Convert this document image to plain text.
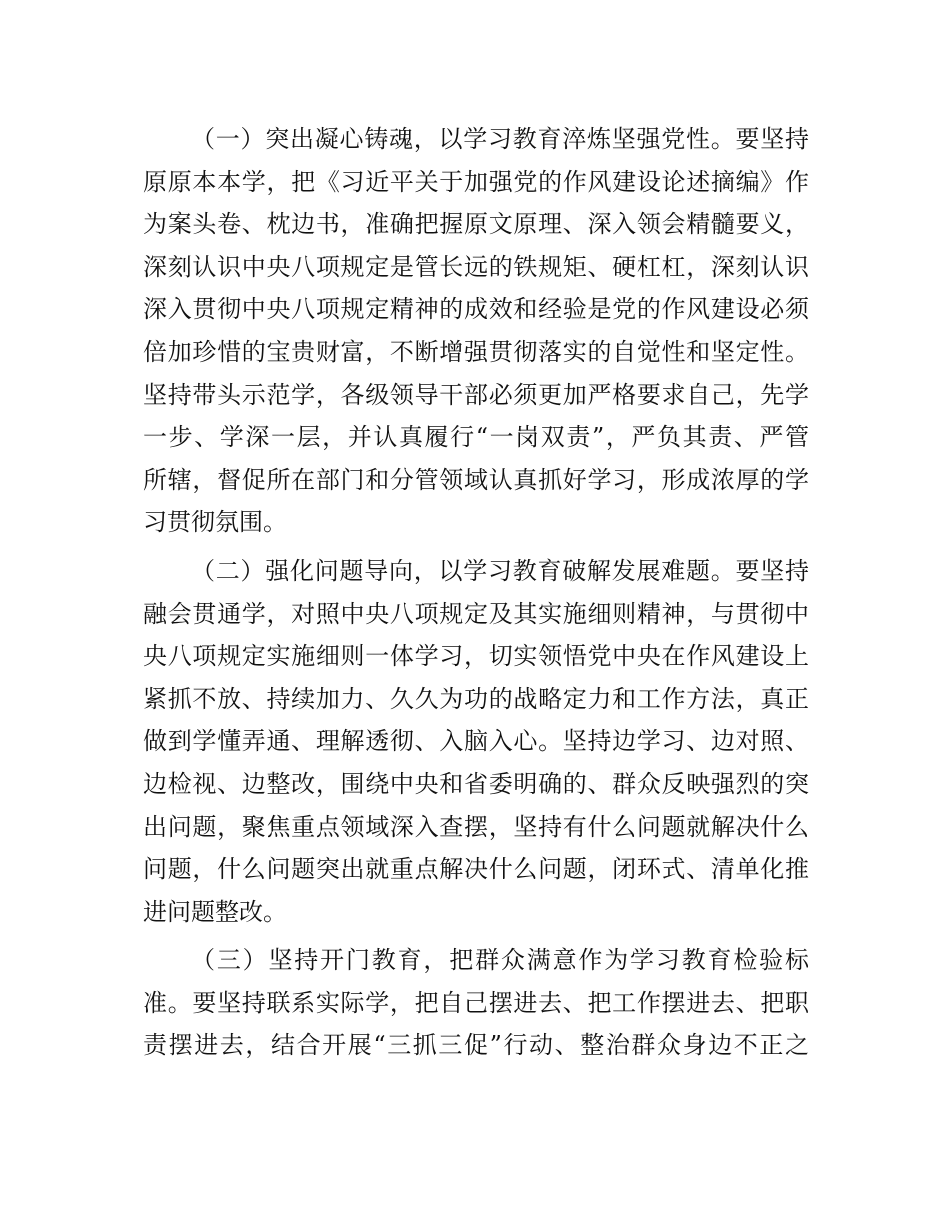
（一）突出凝心铸魂，以学习教育淬炼坚强党性。要坚持
原原本本学，把《习近平关于加强党的作风建设论述摘编》作
为案头卷、枕边书，准确把握原文原理、深入领会精髓要义，
深刻认识中央八项规定是管长远的铁规矩、硬杠杠，深刻认识
深入贯彻中央八项规定精神的成效和经验是党的作风建设必须
倍加珍惜的宝贵财富，不断增强贯彻落实的自觉性和坚定性。
坚持带头示范学，各级领导干部必须更加严格要求自己，先学
一步、学深一层，并认真履行“一岗双责”，严负其责、严管
所辖，督促所在部门和分管领域认真抓好学习，形成浓厚的学
习贯彻氛围。
（二）强化问题导向，以学习教育破解发展难题。要坚持
融会贯通学，对照中央八项规定及其实施细则精神，与贯彻中
央八项规定实施细则一体学习，切实领悟党中央在作风建设上
紧抓不放、持续加力、久久为功的战略定力和工作方法，真正
做到学懂弄通、理解透彻、入脑入心。坚持边学习、边对照、
边检视、边整改，围绕中央和省委明确的、群众反映强烈的突
出问题，聚焦重点领域深入查摆，坚持有什么问题就解决什么
问题，什么问题突出就重点解决什么问题，闭环式、清单化推
进问题整改。
（三）坚持开门教育，把群众满意作为学习教育检验标
准。要坚持联系实际学，把自己摆进去、把工作摆进去、把职
责摆进去，结合开展“三抓三促”行动、整治群众身边不正之
